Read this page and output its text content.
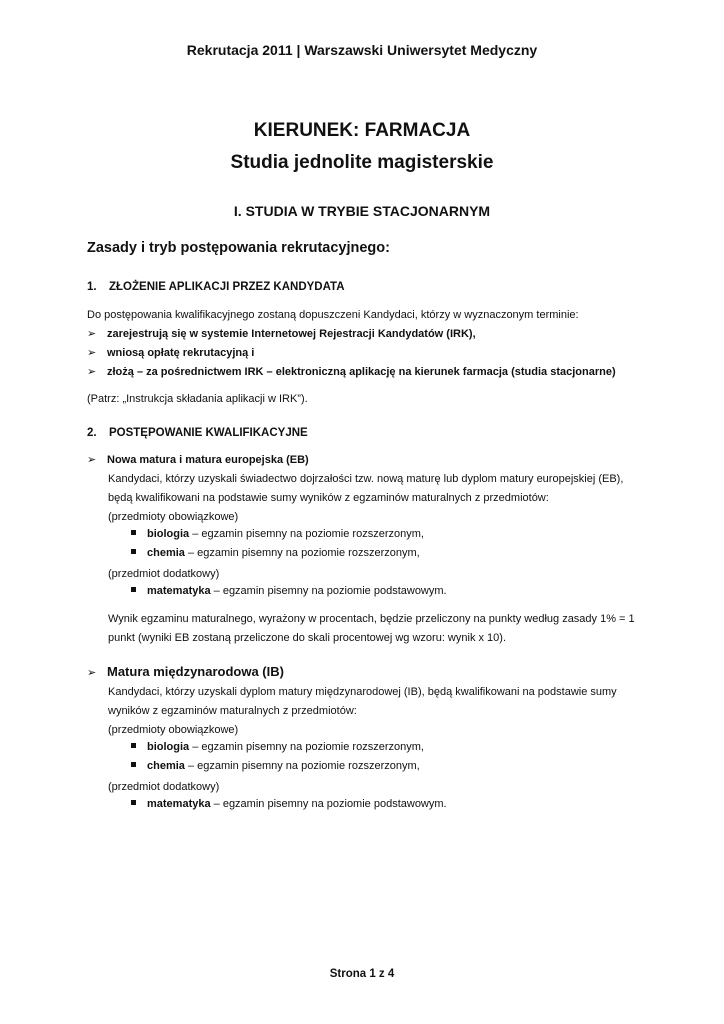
Rekrutacja 2011 | Warszawski Uniwersytet Medyczny
KIERUNEK: FARMACJA
Studia jednolite magisterskie
I. STUDIA W TRYBIE STACJONARNYM
Zasady i tryb postępowania rekrutacyjnego:
1. ZŁOŻENIE APLIKACJI PRZEZ KANDYDATA
Do postępowania kwalifikacyjnego zostaną dopuszczeni Kandydaci, którzy w wyznaczonym terminie:
➢ zarejestrują się w systemie Internetowej Rejestracji Kandydatów (IRK),
➢ wniosą opłatę rekrutacyjną i
➢ złożą – za pośrednictwem IRK – elektroniczną aplikację na kierunek farmacja (studia stacjonarne)
(Patrz: „Instrukcja składania aplikacji w IRK”).
2. POSTĘPOWANIE KWALIFIKACYJNE
➢ Nowa matura i matura europejska (EB)
Kandydaci, którzy uzyskali świadectwo dojrzałości tzw. nową maturę lub dyplom matury europejskiej (EB),
będą kwalifikowani na podstawie sumy wyników z egzaminów maturalnych z przedmiotów:
(przedmioty obowiązkowe)
biologia – egzamin pisemny na poziomie rozszerzonym,
chemia – egzamin pisemny na poziomie rozszerzonym,
(przedmiot dodatkowy)
matematyka – egzamin pisemny na poziomie podstawowym.
Wynik egzaminu maturalnego, wyrażony w procentach, będzie przeliczony na punkty według zasady 1% = 1
punkt (wyniki EB zostaną przeliczone do skali procentowej wg wzoru: wynik x 10).
➢ Matura międzynarodowa (IB)
Kandydaci, którzy uzyskali dyplom matury międzynarodowej (IB), będą kwalifikowani na podstawie sumy
wyników z egzaminów maturalnych z przedmiotów:
(przedmioty obowiązkowe)
biologia – egzamin pisemny na poziomie rozszerzonym,
chemia – egzamin pisemny na poziomie rozszerzonym,
(przedmiot dodatkowy)
matematyka – egzamin pisemny na poziomie podstawowym.
Strona 1 z 4
